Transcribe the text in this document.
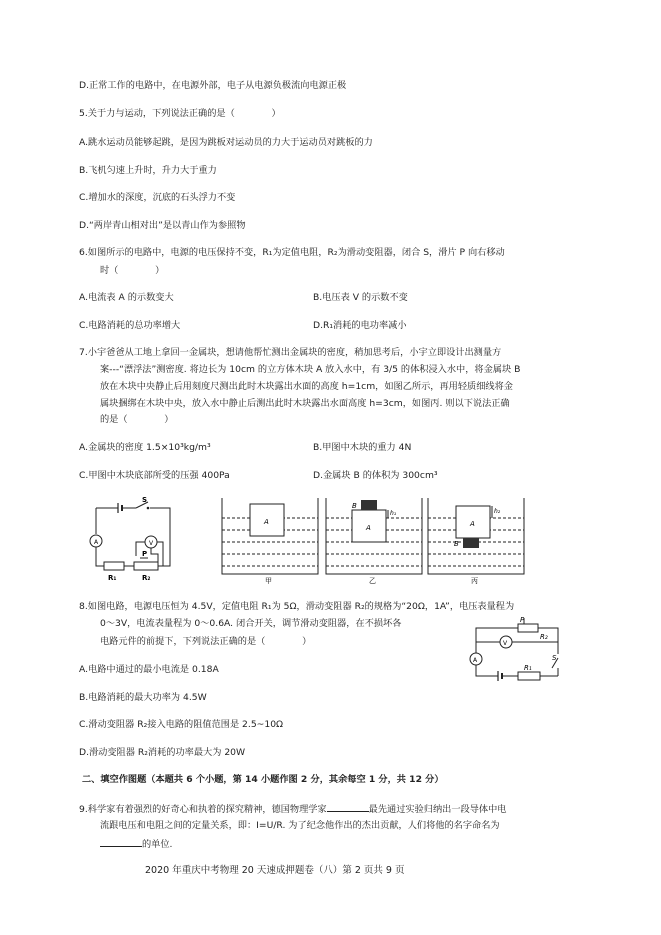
D.正常工作的电路中，在电源外部，电子从电源负极流向电源正极
5.关于力与运动，下列说法正确的是（　　　　）
A.跳水运动员能够起跳，是因为跳板对运动员的力大于运动员对跳板的力
B.飞机匀速上升时，升力大于重力
C.增加水的深度，沉底的石头浮力不变
D.“两岸青山相对出”是以青山作为参照物
6.如图所示的电路中，电源的电压保持不变，R₁为定值电阻，R₂为滑动变阻器，闭合 S，滑片 P 向右移动
时（　　　　）
A.电流表 A 的示数变大	B.电压表 V 的示数不变
C.电路消耗的总功率增大	D.R₁消耗的电功率减小
7.小宇爸爸从工地上拿回一金属块，想请他帮忙测出金属块的密度，稍加思考后，小宇立即设计出测量方
案---“漂浮法”测密度. 将边长为 10cm 的立方体木块 A 放入水中，有 3/5 的体积浸入水中，将金属块 B
放在木块中央静止后用刻度尺测出此时木块露出水面的高度 h=1cm，如图乙所示，再用轻质细线将金
属块捆绑在木块中央，放入水中静止后测出此时木块露出水面高度 h=3cm，如图丙. 则以下说法正确
的是（　　　　）
A.金属块的密度 1.5×10³kg/m³	B.甲图中木块的重力 4N
C.甲图中木块底部所受的压强 400Pa	D.金属块 B 的体积为 300cm³
S
A	V
R₁	R₂
P
A
甲
B
h₁
A
乙
B
h₂
A
丙
8.如图电路，电源电压恒为 4.5V，定值电阻 R₁为 5Ω，滑动变阻器 R₂的规格为“20Ω，1A”，电压表量程为
0～3V，电流表量程为 0～0.6A. 闭合开关，调节滑动变阻器，在不损坏各
电路元件的前提下，下列说法正确的是（　　　　）
P
R₂
V
A
R₁
S
A.电路中通过的最小电流是 0.18A
B.电路消耗的最大功率为 4.5W
C.滑动变阻器 R₂接入电路的阻值范围是 2.5~10Ω
D.滑动变阻器 R₂消耗的功率最大为 20W
二、填空作图题（本题共 6 个小题，第 14 小题作图 2 分，其余每空 1 分，共 12 分）
9.科学家有着强烈的好奇心和执着的探究精神，德国物理学家	最先通过实验归纳出一段导体中电
流跟电压和电阻之间的定量关系，即：I=U/R. 为了纪念他作出的杰出贡献，人们将他的名字命名为
的单位.
2020 年重庆中考物理 20 天速成押题卷（八）第 2 页共 9 页
